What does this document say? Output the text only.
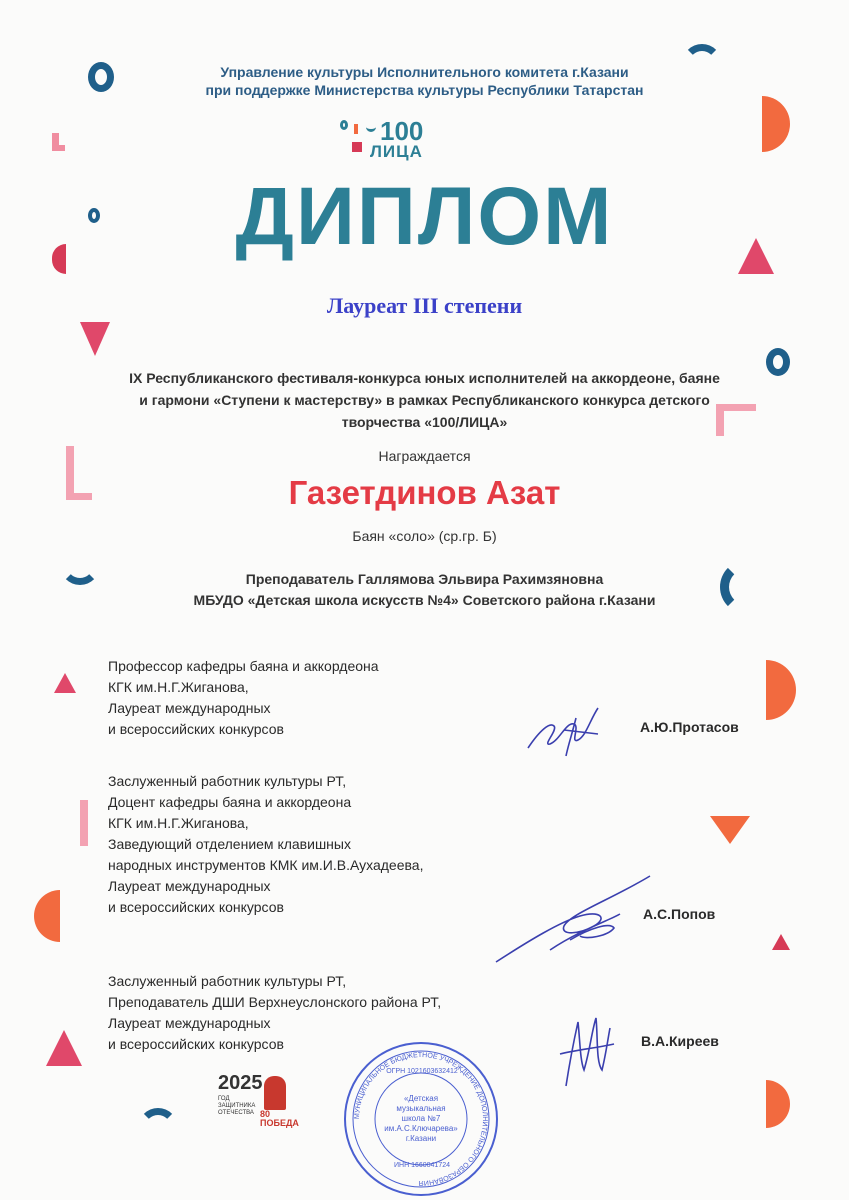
Управление культуры Исполнительного комитета г.Казани
при поддержке Министерства культуры Республики Татарстан
100
ЛИЦА
ДИПЛОМ
Лауреат III степени
IX Республиканского фестиваля-конкурса юных исполнителей на аккордеоне, баяне
и гармони «Ступени к мастерству» в рамках Республиканского конкурса детского
творчества «100/ЛИЦА»
Награждается
Газетдинов Азат
Баян «соло» (ср.гр. Б)
Преподаватель Галлямова Эльвира Рахимзяновна
МБУДО «Детская школа искусств №4» Советского района г.Казани
Профессор кафедры баяна и аккордеона
КГК им.Н.Г.Жиганова,
Лауреат международных
и всероссийских конкурсов	А.Ю.Протасов
Заслуженный работник культуры РТ,
Доцент кафедры баяна и аккордеона
КГК им.Н.Г.Жиганова,
Заведующий отделением клавишных
народных инструментов КМК им.И.В.Аухадеева,
Лауреат международных
и всероссийских конкурсов	А.С.Попов
Заслуженный работник культуры РТ,
Преподаватель ДШИ Верхнеуслонского района РТ,
Лауреат международных
и всероссийских конкурсов	В.А.Киреев
2025
ГОД ЗАЩИТНИКА ОТЕЧЕСТВА 80 ПОБЕДА
МУНИЦИПАЛЬНОЕ БЮДЖЕТНОЕ УЧРЕЖДЕНИЕ ДОПОЛНИТЕЛЬНОГО ОБРАЗОВАНИЯ
ОГРН 1021603632412
«Детская
музыкальная
школа №7
им.А.С.Ключарева»
г.Казани
ИНН 1660041724
